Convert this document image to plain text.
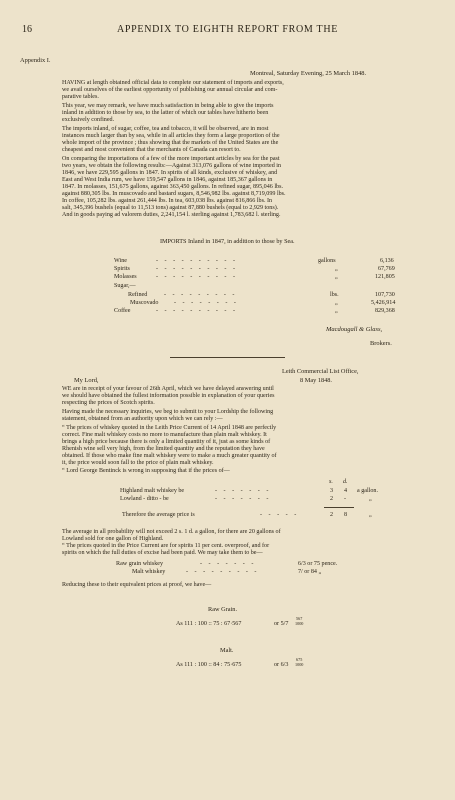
16	APPENDIX TO EIGHTH REPORT FROM THE
Appendix I.
Montreal, Saturday Evening, 25 March 1848.
HAVING at length obtained official data to complete our statement of imports and exports,
we avail ourselves of the earliest opportunity of publishing our annual circular and com-
parative tables.
This year, we may remark, we have much satisfaction in being able to give the imports
inland in addition to those by sea, to the latter of which our tables have hitherto been
exclusively confined.
The imports inland, of sugar, coffee, tea and tobacco, it will be observed, are in most
instances much larger than by sea, while in all articles they form a large proportion of the
whole import of the province ; thus showing that the markets of the United States are the
cheapest and most convenient that the merchants of Canada can resort to.
On comparing the importations of a few of the more important articles by sea for the past
two years, we obtain the following results:—Against 313,076 gallons of wine imported in
1846, we have 229,595 gallons in 1847. In spirits of all kinds, exclusive of whiskey, and
East and West India rum, we have 159,547 gallons in 1846, against 185,367 gallons in
1847. In molasses, 151,675 gallons, against 363,450 gallons. In refined sugar, 895,046 lbs.
against 880,305 lbs. In muscovado and bastard sugars, 8,546,982 lbs. against 8,719,099 lbs.
In coffee, 105,282 lbs. against 261,444 lbs. In tea, 603,038 lbs. against 816,866 lbs. In
salt, 345,396 bushels (equal to 11,513 tons) against 87,880 bushels (equal to 2,929 tons).
And in goods paying ad valorem duties, 2,241,154 l. sterling against 1,783,682 l. sterling.
IMPORTS Inland in 1847, in addition to those by Sea.
Wine	- - - - - - - - - -	gallons	6,136
Spirits	- - - - - - - - - -	„	67,769
Molasses	- - - - - - - - - -	„	121,805
Sugar,—
Refined	- - - - - - - - -	lbs.	107,730
Muscovado	- - - - - - - -	„	5,426,914
Coffee	- - - - - - - - - -	„	829,368
Macdougall & Glass,
Brokers.
Leith Commercial List Office,
My Lord,	8 May 1848.
WE are in receipt of your favour of 26th April, which we have delayed answering until
we should have obtained the fullest information possible in explanation of your queries
respecting the prices of Scotch spirits.
Having made the necessary inquiries, we beg to submit to your Lordship the following
statement, obtained from an authority upon which we can rely :—
“ The prices of whiskey quoted in the Leith Price Current of 14 April 1848 are perfectly
correct. Fine malt whiskey costs no more to manufacture than plain malt whiskey. It
brings a high price because there is only a limited quantity of it, just as some kinds of
Rhenish wine sell very high, from the limited quantity and the reputation they have
obtained. If those who make fine malt whiskey were to make a much greater quantity of
it, the price would soon fall to the price of plain malt whiskey.
“ Lord George Bentinck is wrong in supposing that if the prices of—
s. d.
Highland malt whiskey be	- - - - - - -	3 4 a gallon.
Lowland - ditto - be	- - - - - - -	2 -	„
Therefore the average price is	- - - - -	2 8	„
The average in all probability will not exceed 2 s. 1 d. a gallon, for there are 20 gallons of
Lowland sold for one gallon of Highland.
“ The prices quoted in the Price Current are for spirits 11 per cent. overproof, and for
spirits on which the full duties of excise had been paid. We may take them to be—
Raw grain whiskey	- - - - - - -	6/3 or 75 pence.
Malt whiskey	- - - - - - - - -	7/ or 84 „
Reducing these to their equivalent prices at proof, we have—
Raw Grain.
As 111 : 100 :: 75 : 67·567	or 5/7
567
1000
Malt.
As 111 : 100 :: 84 : 75·675	or 6/3
675
1000
